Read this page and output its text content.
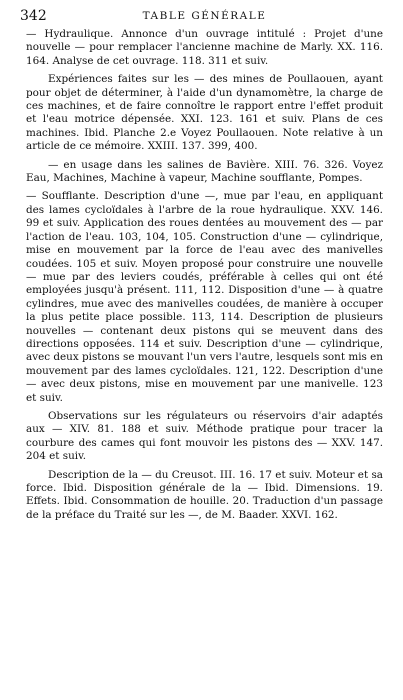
342	TABLE GÉNÉRALE

— Hydraulique. Annonce d'un ouvrage intitulé : Projet d'une nouvelle — pour remplacer l'ancienne machine de Marly. XX. 116. 164. Analyse de cet ouvrage. 118. 311 et suiv.

Expériences faites sur les — des mines de Poullaouen, ayant pour objet de déterminer, à l'aide d'un dynamomètre, la charge de ces machines, et de faire connoître le rapport entre l'effet produit et l'eau motrice dépensée. XXI. 123. 161 et suiv. Plans de ces machines. Ibid. Planche 2.e Voyez Poullaouen. Note relative à un article de ce mémoire. XXIII. 137. 399, 400.

— en usage dans les salines de Bavière. XIII. 76. 326. Voyez Eau, Machines, Machine à vapeur, Machine soufflante, Pompes.

— Soufflante. Description d'une —, mue par l'eau, en appliquant des lames cycloïdales à l'arbre de la roue hydraulique. XXV. 146. 99 et suiv. Application des roues dentées au mouvement des — par l'action de l'eau. 103, 104, 105. Construction d'une — cylindrique, mise en mouvement par la force de l'eau avec des manivelles coudées. 105 et suiv. Moyen proposé pour construire une nouvelle — mue par des leviers coudés, préférable à celles qui ont été employées jusqu'à présent. 111, 112. Disposition d'une — à quatre cylindres, mue avec des manivelles coudées, de manière à occuper la plus petite place possible. 113, 114. Description de plusieurs nouvelles — contenant deux pistons qui se meuvent dans des directions opposées. 114 et suiv. Description d'une — cylindrique, avec deux pistons se mouvant l'un vers l'autre, lesquels sont mis en mouvement par des lames cycloïdales. 121, 122. Description d'une — avec deux pistons, mise en mouvement par une manivelle. 123 et suiv.

Observations sur les régulateurs ou réservoirs d'air adaptés aux — XIV. 81. 188 et suiv. Méthode pratique pour tracer la courbure des cames qui font mouvoir les pistons des — XXV. 147. 204 et suiv.

Description de la — du Creusot. III. 16. 17 et suiv. Moteur et sa force. Ibid. Disposition générale de la — Ibid. Dimensions. 19. Effets. Ibid. Consommation de houille. 20. Traduction d'un passage de la préface du Traité sur les —, de M. Baader. XXVI. 162.
